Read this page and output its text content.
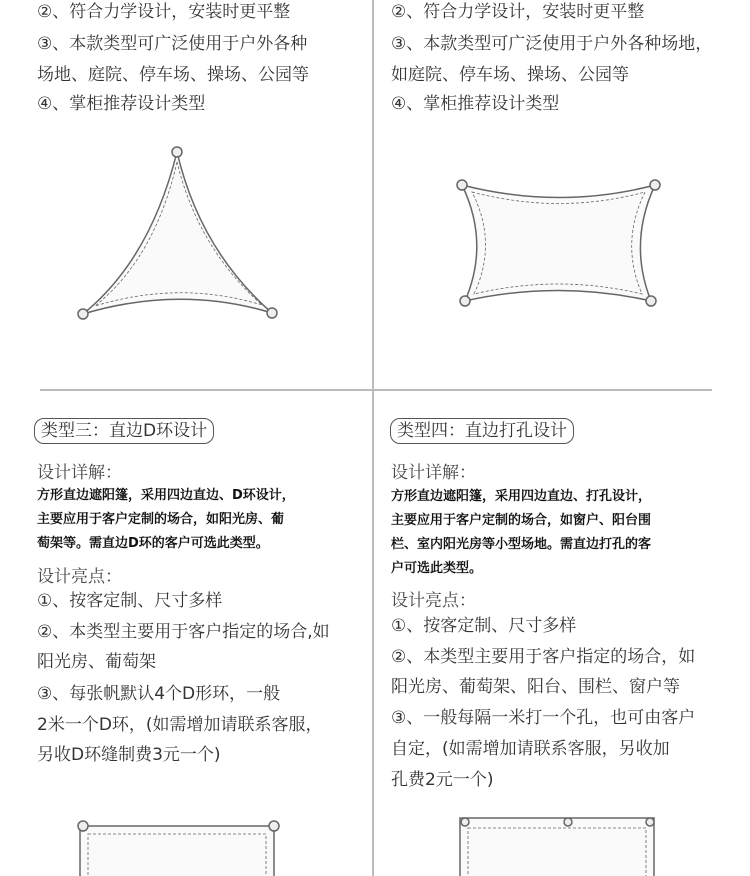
②、符合力学设计，安装时更平整
③、本款类型可广泛使用于户外各种
场地、庭院、停车场、操场、公园等
④、掌柜推荐设计类型
②、符合力学设计，安装时更平整
③、本款类型可广泛使用于户外各种场地，
如庭院、停车场、操场、公园等
④、掌柜推荐设计类型
类型三：直边D环设计
设计详解：
方形直边遮阳篷，采用四边直边、D环设计，
主要应用于客户定制的场合，如阳光房、葡
萄架等。需直边D环的客户可选此类型。
设计亮点：
①、按客定制、尺寸多样
②、本类型主要用于客户指定的场合,如
阳光房、葡萄架
③、每张帆默认4个D形环，一般
2米一个D环，(如需增加请联系客服，
另收D环缝制费3元一个)
类型四：直边打孔设计
设计详解：
方形直边遮阳篷，采用四边直边、打孔设计，
主要应用于客户定制的场合，如窗户、阳台围
栏、室内阳光房等小型场地。需直边打孔的客
户可选此类型。
设计亮点：
①、按客定制、尺寸多样
②、本类型主要用于客户指定的场合，如
阳光房、葡萄架、阳台、围栏、窗户等
③、一般每隔一米打一个孔，也可由客户
自定，(如需增加请联系客服，另收加
孔费2元一个)
